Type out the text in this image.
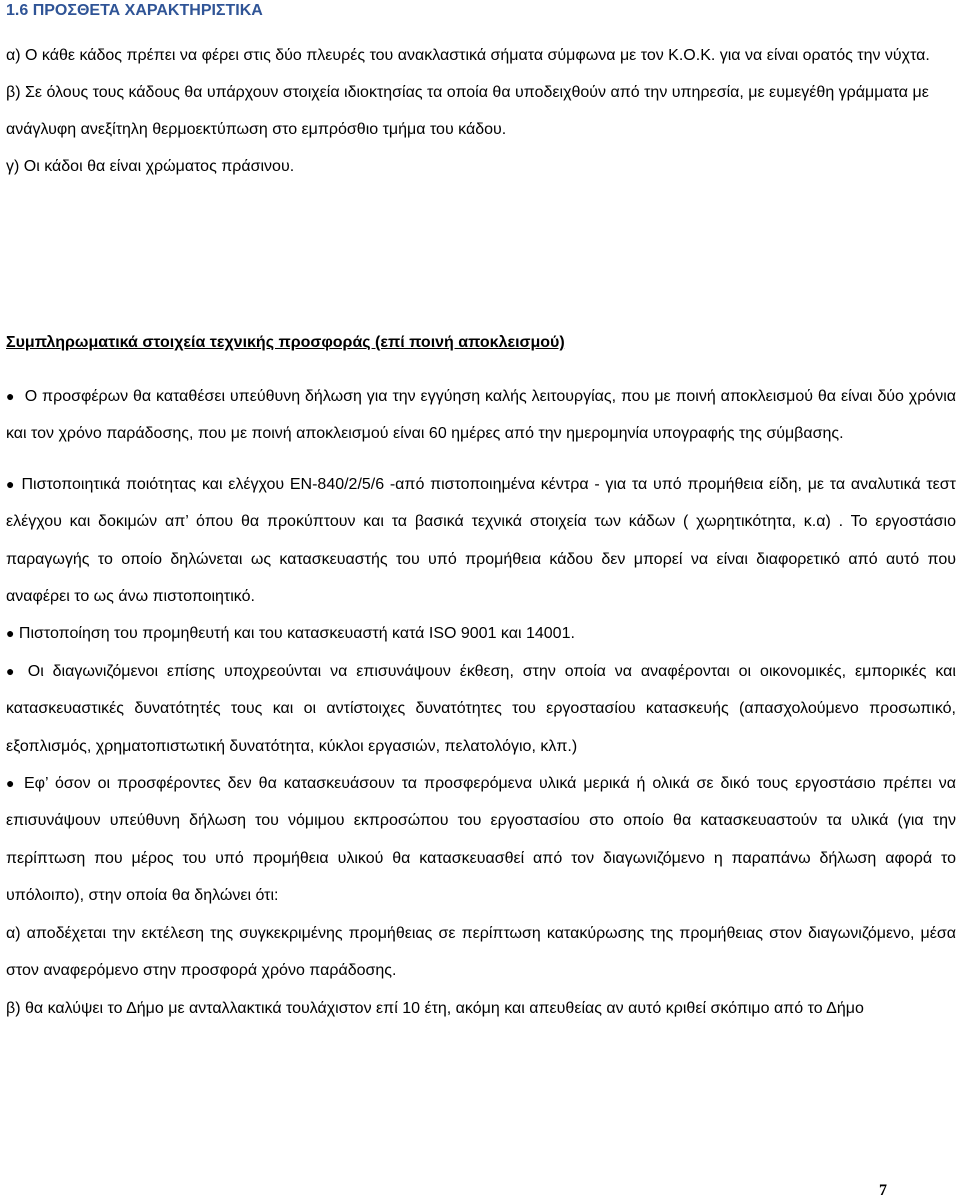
1.6 ΠΡΟΣΘΕΤΑ ΧΑΡΑΚΤΗΡΙΣΤΙΚΑ

α) Ο κάθε κάδος πρέπει να φέρει στις δύο πλευρές του ανακλαστικά σήματα σύμφωνα με τον Κ.Ο.Κ. για να είναι ορατός την νύχτα.

β) Σε όλους τους κάδους θα υπάρχουν στοιχεία ιδιοκτησίας τα οποία θα υποδειχθούν από την υπηρεσία, με ευμεγέθη γράμματα με ανάγλυφη ανεξίτηλη θερμοεκτύπωση στο εμπρόσθιο τμήμα του κάδου.

γ) Οι κάδοι θα είναι χρώματος πράσινου.

Συμπληρωματικά στοιχεία τεχνικής προσφοράς (επί ποινή αποκλεισμού)

● Ο προσφέρων θα καταθέσει υπεύθυνη δήλωση για την εγγύηση καλής λειτουργίας, που με ποινή αποκλεισμού θα είναι δύο χρόνια και τον χρόνο παράδοσης, που με ποινή αποκλεισμού είναι 60 ημέρες από την ημερομηνία υπογραφής της σύμβασης.

● Πιστοποιητικά ποιότητας και ελέγχου ΕΝ-840/2/5/6 -από πιστοποιημένα κέντρα - για τα υπό προμήθεια είδη, με τα αναλυτικά τεστ ελέγχου και δοκιμών απ’ όπου θα προκύπτουν και τα βασικά τεχνικά στοιχεία των κάδων ( χωρητικότητα, κ.α) . Το εργοστάσιο παραγωγής το οποίο δηλώνεται ως κατασκευαστής του υπό προμήθεια κάδου δεν μπορεί να είναι διαφορετικό από αυτό που αναφέρει το ως άνω πιστοποιητικό.

● Πιστοποίηση του προμηθευτή και του κατασκευαστή κατά ISO 9001 και 14001.

● Οι διαγωνιζόμενοι επίσης υποχρεούνται να επισυνάψουν έκθεση, στην οποία να αναφέρονται οι οικονομικές, εμπορικές και κατασκευαστικές δυνατότητές τους και οι αντίστοιχες δυνατότητες του εργοστασίου κατασκευής (απασχολούμενο προσωπικό, εξοπλισμός, χρηματοπιστωτική δυνατότητα, κύκλοι εργασιών, πελατολόγιο, κλπ.)

● Εφ’ όσον οι προσφέροντες δεν θα κατασκευάσουν τα προσφερόμενα υλικά μερικά ή ολικά σε δικό τους εργοστάσιο πρέπει να επισυνάψουν υπεύθυνη δήλωση του νόμιμου εκπροσώπου του εργοστασίου στο οποίο θα κατασκευαστούν τα υλικά (για την περίπτωση που μέρος του υπό προμήθεια υλικού θα κατασκευασθεί από τον διαγωνιζόμενο η παραπάνω δήλωση αφορά το υπόλοιπο), στην οποία θα δηλώνει ότι:

α) αποδέχεται την εκτέλεση της συγκεκριμένης προμήθειας σε περίπτωση κατακύρωσης της προμήθειας στον διαγωνιζόμενο, μέσα στον αναφερόμενο στην προσφορά χρόνο παράδοσης.

β) θα καλύψει το Δήμο με ανταλλακτικά τουλάχιστον επί 10 έτη, ακόμη και απευθείας αν αυτό κριθεί σκόπιμο από το Δήμο

7
